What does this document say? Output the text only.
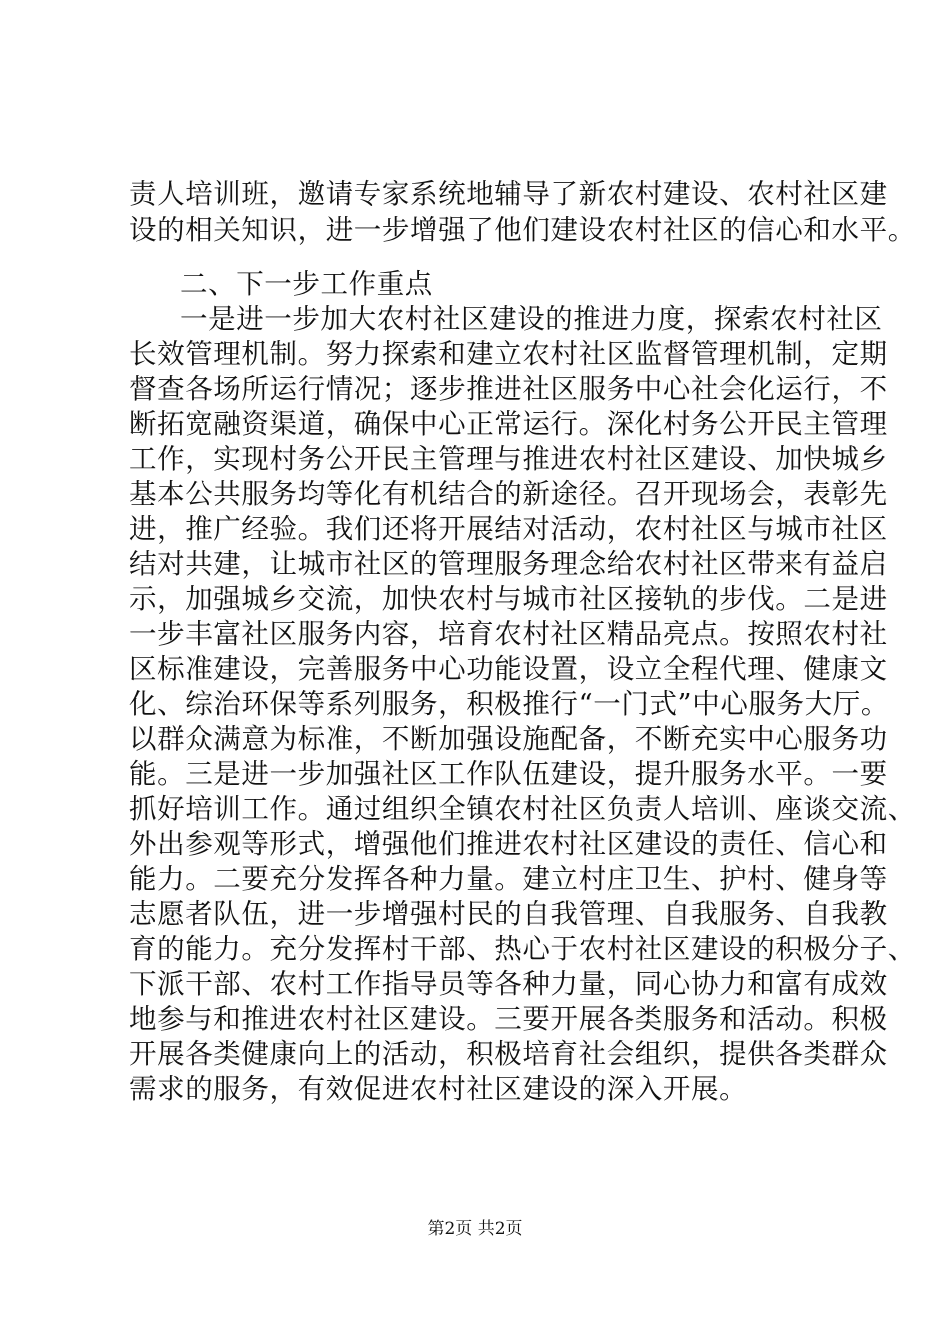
责人培训班，邀请专家系统地辅导了新农村建设、农村社区建
设的相关知识，进一步增强了他们建设农村社区的信心和水平。
二、下一步工作重点
一是进一步加大农村社区建设的推进力度，探索农村社区
长效管理机制。努力探索和建立农村社区监督管理机制，定期
督查各场所运行情况；逐步推进社区服务中心社会化运行，不
断拓宽融资渠道，确保中心正常运行。深化村务公开民主管理
工作，实现村务公开民主管理与推进农村社区建设、加快城乡
基本公共服务均等化有机结合的新途径。召开现场会，表彰先
进，推广经验。我们还将开展结对活动，农村社区与城市社区
结对共建，让城市社区的管理服务理念给农村社区带来有益启
示，加强城乡交流，加快农村与城市社区接轨的步伐。二是进
一步丰富社区服务内容，培育农村社区精品亮点。按照农村社
区标准建设，完善服务中心功能设置，设立全程代理、健康文
化、综治环保等系列服务，积极推行“一门式”中心服务大厅。
以群众满意为标准，不断加强设施配备，不断充实中心服务功
能。三是进一步加强社区工作队伍建设，提升服务水平。一要
抓好培训工作。通过组织全镇农村社区负责人培训、座谈交流、
外出参观等形式，增强他们推进农村社区建设的责任、信心和
能力。二要充分发挥各种力量。建立村庄卫生、护村、健身等
志愿者队伍，进一步增强村民的自我管理、自我服务、自我教
育的能力。充分发挥村干部、热心于农村社区建设的积极分子、
下派干部、农村工作指导员等各种力量，同心协力和富有成效
地参与和推进农村社区建设。三要开展各类服务和活动。积极
开展各类健康向上的活动，积极培育社会组织，提供各类群众
需求的服务，有效促进农村社区建设的深入开展。
第2页 共2页
